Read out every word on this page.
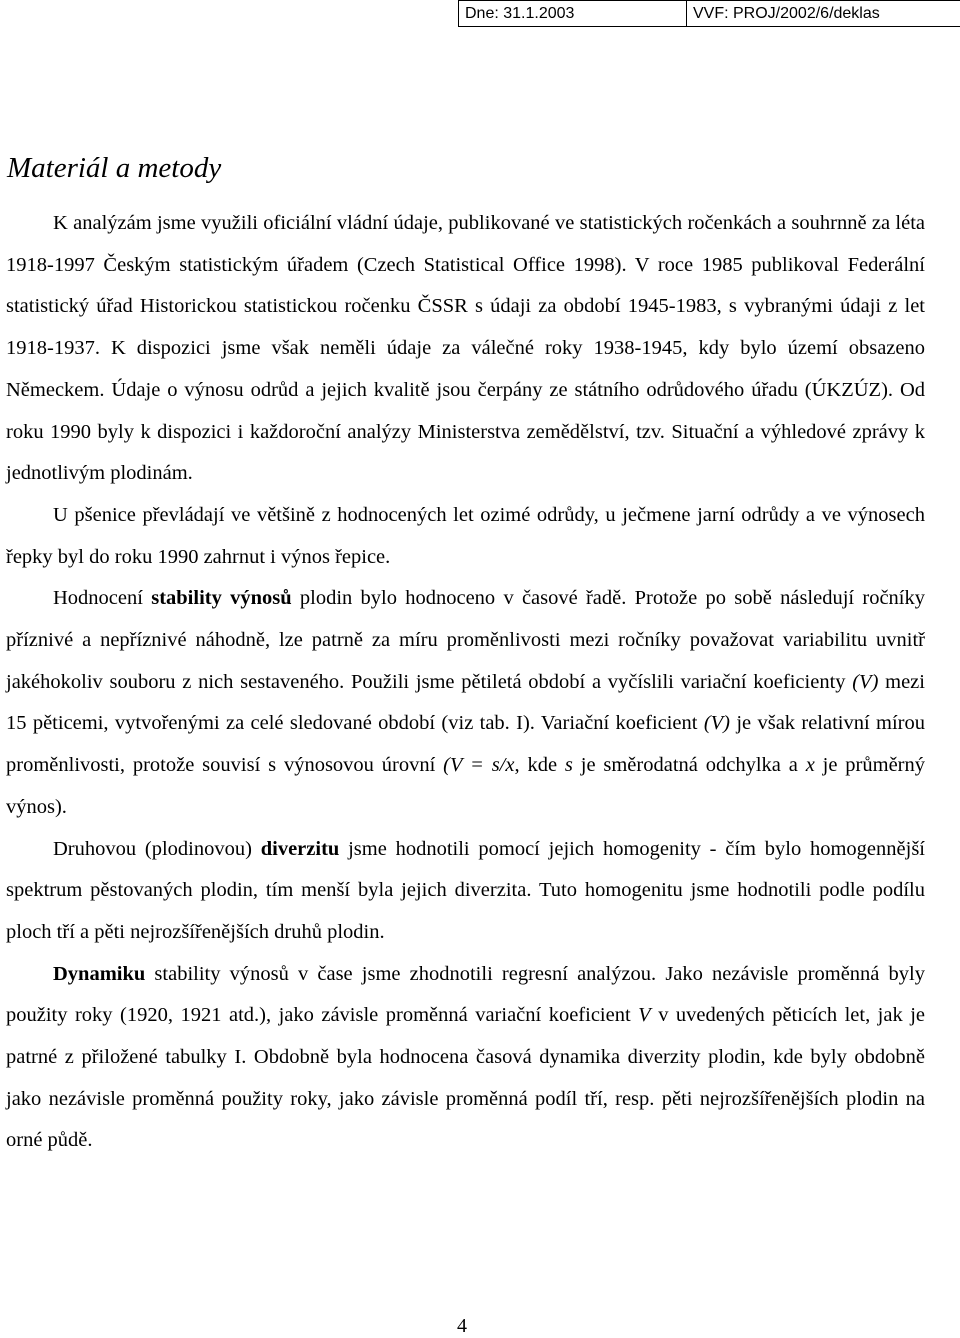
Dne: 31.1.2003	VVF: PROJ/2002/6/deklas
Materiál a metody

K analýzám jsme využili oficiální vládní údaje, publikované ve statistických ročenkách a souhrnně za léta 1918-1997 Českým statistickým úřadem (Czech Statistical Office 1998). V roce 1985 publikoval Federální statistický úřad Historickou statistickou ročenku ČSSR s údaji za období 1945-1983, s vybranými údaji z let 1918-1937. K dispozici jsme však neměli údaje za válečné roky 1938-1945, kdy bylo území obsazeno Německem. Údaje o výnosu odrůd a jejich kvalitě jsou čerpány ze státního odrůdového úřadu (ÚKZÚZ). Od roku 1990 byly k dispozici i každoroční analýzy Ministerstva zemědělství, tzv. Situační a výhledové zprávy k jednotlivým plodinám.

U pšenice převládají ve většině z hodnocených let ozimé odrůdy, u ječmene jarní odrůdy a ve výnosech řepky byl do roku 1990 zahrnut i výnos řepice.

Hodnocení stability výnosů plodin bylo hodnoceno v časové řadě. Protože po sobě následují ročníky příznivé a nepříznivé náhodně, lze patrně za míru proměnlivosti mezi ročníky považovat variabilitu uvnitř jakéhokoliv souboru z nich sestaveného. Použili jsme pětiletá období a vyčíslili variační koeficienty (V) mezi 15 pěticemi, vytvořenými za celé sledované období (viz tab. I). Variační koeficient (V) je však relativní mírou proměnlivosti, protože souvisí s výnosovou úrovní (V = s/x, kde s je směrodatná odchylka a x je průměrný výnos).

Druhovou (plodinovou) diverzitu jsme hodnotili pomocí jejich homogenity - čím bylo homogennější spektrum pěstovaných plodin, tím menší byla jejich diverzita. Tuto homogenitu jsme hodnotili podle podílu ploch tří a pěti nejrozšířenějších druhů plodin.

Dynamiku stability výnosů v čase jsme zhodnotili regresní analýzou. Jako nezávisle proměnná byly použity roky (1920, 1921 atd.), jako závisle proměnná variační koeficient V v uvedených pěticích let, jak je patrné z přiložené tabulky I. Obdobně byla hodnocena časová dynamika diverzity plodin, kde byly obdobně jako nezávisle proměnná použity roky, jako závisle proměnná podíl tří, resp. pěti nejrozšířenějších plodin na orné půdě.

4
